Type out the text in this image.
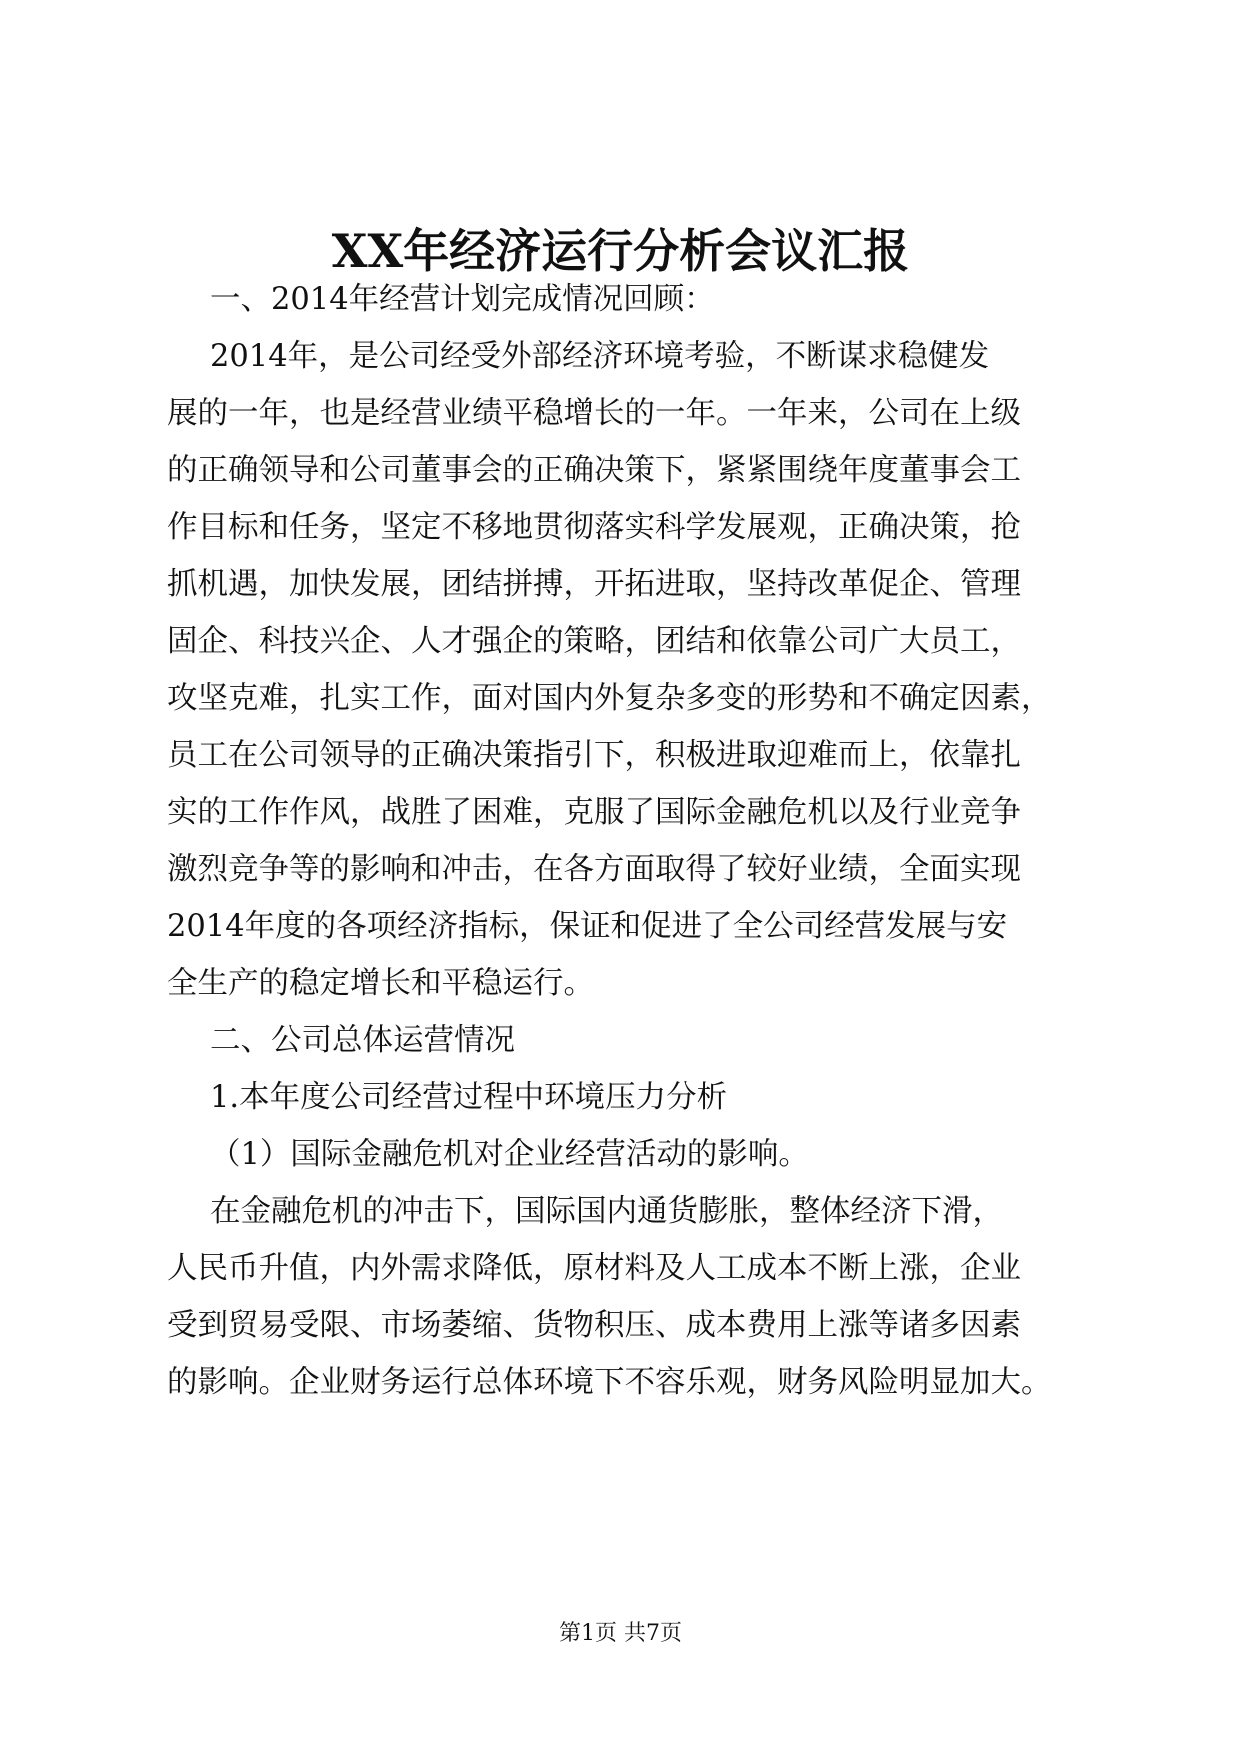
XX年经济运行分析会议汇报
一、2014年经营计划完成情况回顾：
2014年，是公司经受外部经济环境考验，不断谋求稳健发
展的一年，也是经营业绩平稳增长的一年。一年来，公司在上级
的正确领导和公司董事会的正确决策下，紧紧围绕年度董事会工
作目标和任务，坚定不移地贯彻落实科学发展观，正确决策，抢
抓机遇，加快发展，团结拼搏，开拓进取，坚持改革促企、管理
固企、科技兴企、人才强企的策略，团结和依靠公司广大员工，
攻坚克难，扎实工作，面对国内外复杂多变的形势和不确定因素，
员工在公司领导的正确决策指引下，积极进取迎难而上，依靠扎
实的工作作风，战胜了困难，克服了国际金融危机以及行业竞争
激烈竞争等的影响和冲击，在各方面取得了较好业绩，全面实现
2014年度的各项经济指标，保证和促进了全公司经营发展与安
全生产的稳定增长和平稳运行。
二、公司总体运营情况
1.本年度公司经营过程中环境压力分析
（1）国际金融危机对企业经营活动的影响。
在金融危机的冲击下，国际国内通货膨胀，整体经济下滑，
人民币升值，内外需求降低，原材料及人工成本不断上涨，企业
受到贸易受限、市场萎缩、货物积压、成本费用上涨等诸多因素
的影响。企业财务运行总体环境下不容乐观，财务风险明显加大。
第1页 共7页
